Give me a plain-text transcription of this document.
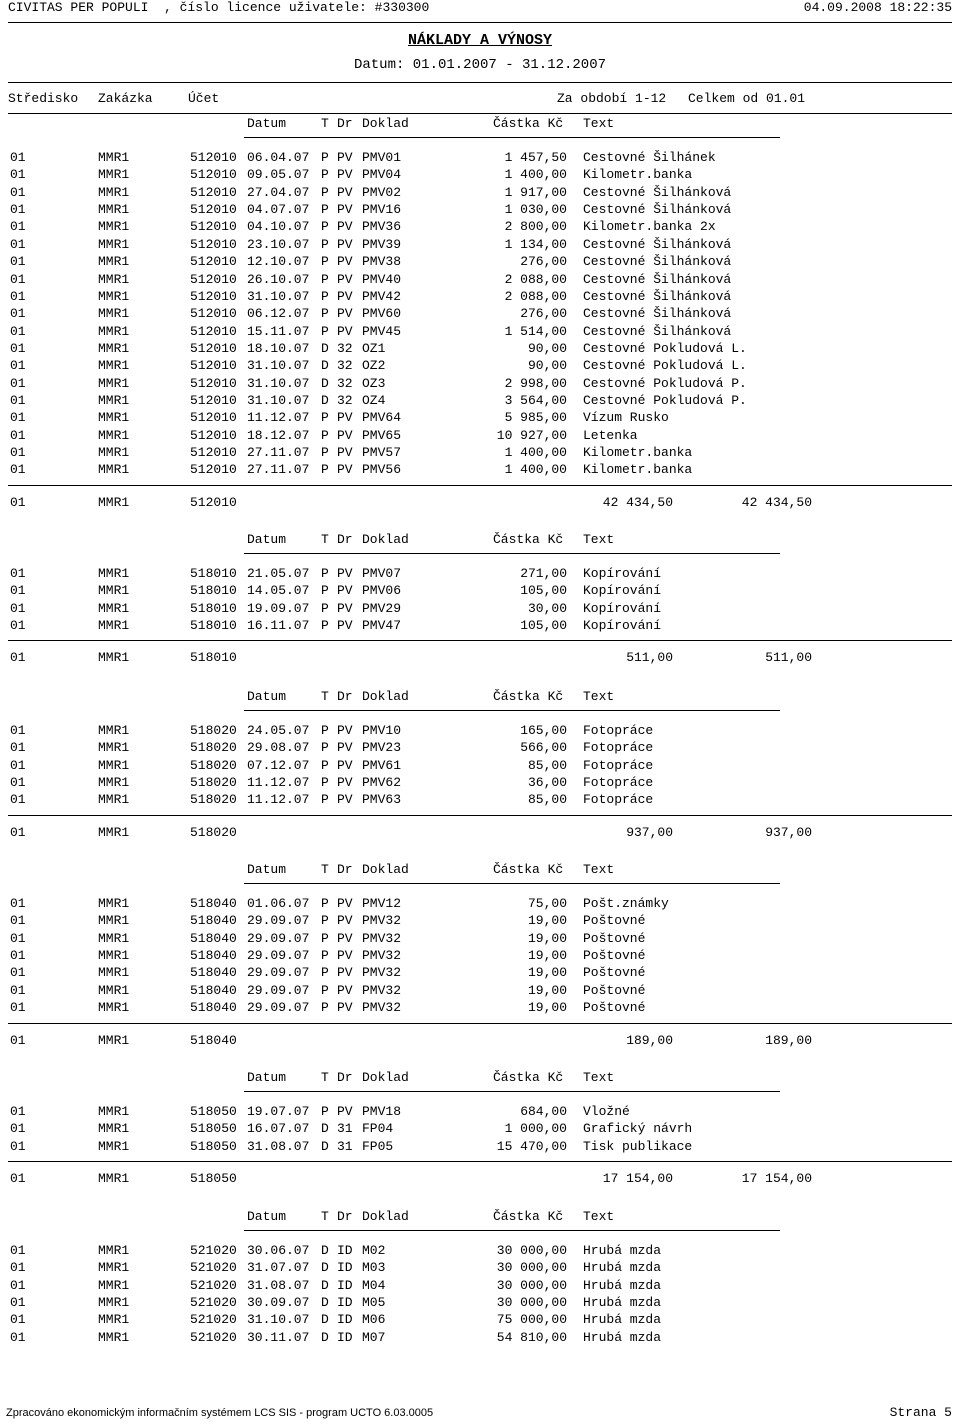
CIVITAS PER POPULI  , číslo licence uživatele: #330300

	04.09.2008 18:22:35

NÁKLADY A VÝNOSY
Datum: 01.01.2007 - 31.12.2007

Středisko

Zakázka

	Účet

	Za období 1-12

Celkem od 01.01

Datum	T Dr Doklad	Částka Kč Text
01	MMR1	512010 06.04.07 P PV PMV01	1 457,50 Cestovné Šilhánek
01	MMR1	512010 09.05.07 P PV PMV04	1 400,00 Kilometr.banka
01	MMR1	512010 27.04.07 P PV PMV02	1 917,00 Cestovné Šilhánková
01	MMR1	512010 04.07.07 P PV PMV16	1 030,00 Cestovné Šilhánková
01	MMR1	512010 04.10.07 P PV PMV36	2 800,00 Kilometr.banka 2x
01	MMR1	512010 23.10.07 P PV PMV39	1 134,00 Cestovné Šilhánková
01	MMR1	512010 12.10.07 P PV PMV38	276,00 Cestovné Šilhánková
01	MMR1	512010 26.10.07 P PV PMV40	2 088,00 Cestovné Šilhánková
01	MMR1	512010 31.10.07 P PV PMV42	2 088,00 Cestovné Šilhánková
01	MMR1	512010 06.12.07 P PV PMV60	276,00 Cestovné Šilhánková
01	MMR1	512010 15.11.07 P PV PMV45	1 514,00 Cestovné Šilhánková
01	MMR1	512010 18.10.07 D 32 OZ1	90,00 Cestovné Pokludová L.
01	MMR1	512010 31.10.07 D 32 OZ2	90,00 Cestovné Pokludová L.
01	MMR1	512010 31.10.07 D 32 OZ3	2 998,00 Cestovné Pokludová P.
01	MMR1	512010 31.10.07 D 32 OZ4	3 564,00 Cestovné Pokludová P.
01	MMR1	512010 11.12.07 P PV PMV64	5 985,00 Vízum Rusko
01	MMR1	512010 18.12.07 P PV PMV65	10 927,00 Letenka
01	MMR1	512010 27.11.07 P PV PMV57	1 400,00 Kilometr.banka
01	MMR1	512010 27.11.07 P PV PMV56	1 400,00 Kilometr.banka
01	MMR1	512010	42 434,50	42 434,50
Datum	T Dr Doklad	Částka Kč Text
01	MMR1	518010 21.05.07 P PV PMV07	271,00 Kopírování
01	MMR1	518010 14.05.07 P PV PMV06	105,00 Kopírování
01	MMR1	518010 19.09.07 P PV PMV29	30,00 Kopírování
01	MMR1	518010 16.11.07 P PV PMV47	105,00 Kopírování
01	MMR1	518010	511,00	511,00
Datum	T Dr Doklad	Částka Kč Text
01	MMR1	518020 24.05.07 P PV PMV10	165,00 Fotopráce
01	MMR1	518020 29.08.07 P PV PMV23	566,00 Fotopráce
01	MMR1	518020 07.12.07 P PV PMV61	85,00 Fotopráce
01	MMR1	518020 11.12.07 P PV PMV62	36,00 Fotopráce
01	MMR1	518020 11.12.07 P PV PMV63	85,00 Fotopráce
01	MMR1	518020	937,00	937,00
Datum	T Dr Doklad	Částka Kč Text
01	MMR1	518040 01.06.07 P PV PMV12	75,00 Pošt.známky
01	MMR1	518040 29.09.07 P PV PMV32	19,00 Poštovné
01	MMR1	518040 29.09.07 P PV PMV32	19,00 Poštovné
01	MMR1	518040 29.09.07 P PV PMV32	19,00 Poštovné
01	MMR1	518040 29.09.07 P PV PMV32	19,00 Poštovné
01	MMR1	518040 29.09.07 P PV PMV32	19,00 Poštovné
01	MMR1	518040 29.09.07 P PV PMV32	19,00 Poštovné
01	MMR1	518040	189,00	189,00
Datum	T Dr Doklad	Částka Kč Text
01	MMR1	518050 19.07.07 P PV PMV18	684,00 Vložné
01	MMR1	518050 16.07.07 D 31 FP04	1 000,00 Grafický návrh
01	MMR1	518050 31.08.07 D 31 FP05	15 470,00 Tisk publikace
01	MMR1	518050	17 154,00	17 154,00
Datum	T Dr Doklad	Částka Kč Text
01	MMR1	521020 30.06.07 D ID M02	30 000,00 Hrubá mzda
01	MMR1	521020 31.07.07 D ID M03	30 000,00 Hrubá mzda
01	MMR1	521020 31.08.07 D ID M04	30 000,00 Hrubá mzda
01	MMR1	521020 30.09.07 D ID M05	30 000,00 Hrubá mzda
01	MMR1	521020 31.10.07 D ID M06	75 000,00 Hrubá mzda
01	MMR1	521020 30.11.07 D ID M07	54 810,00 Hrubá mzda
Zpracováno ekonomickým informačním systémem LCS SIS - program UCTO 6.03.0005	Strana 5
